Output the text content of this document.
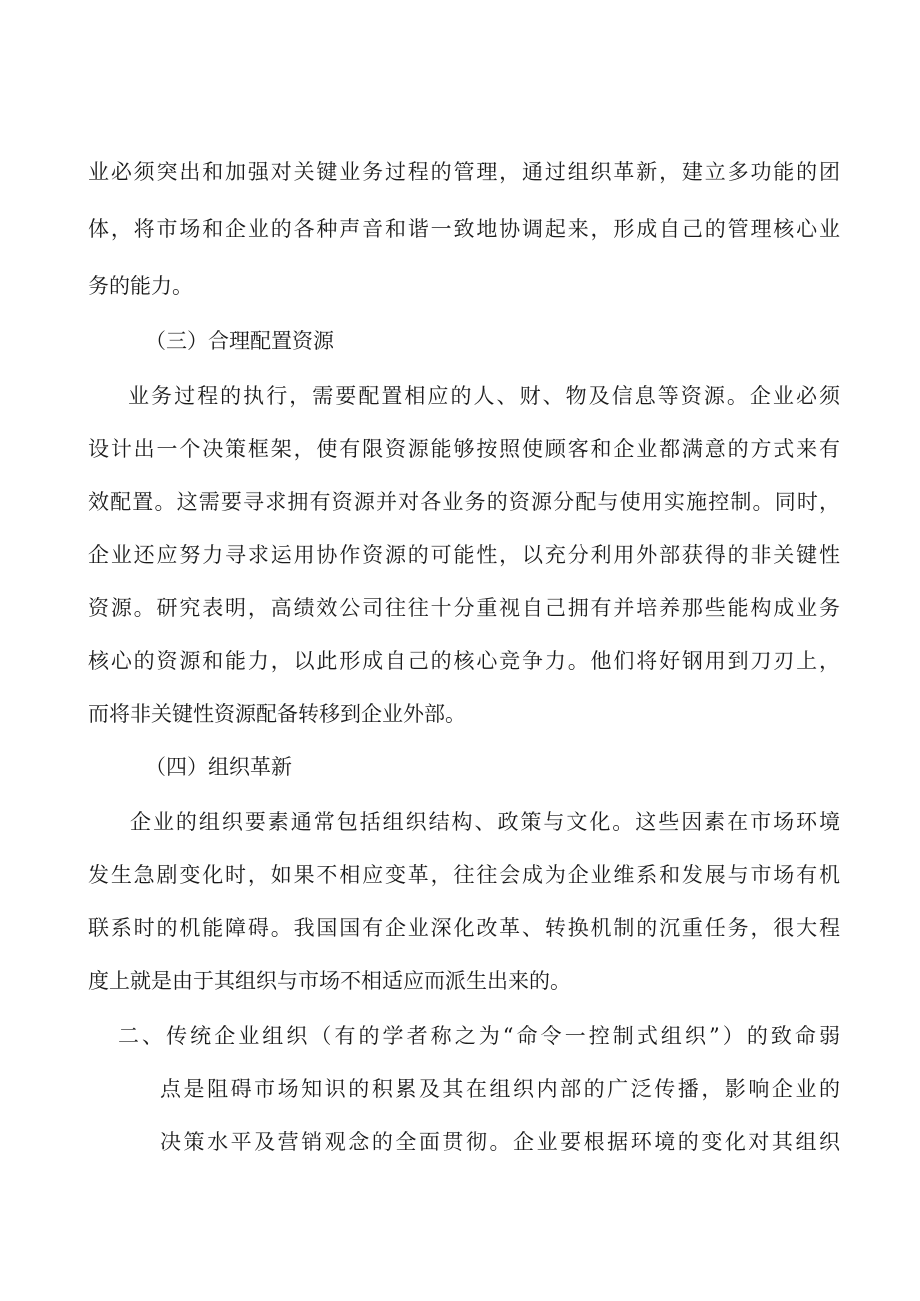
业必须突出和加强对关键业务过程的管理，通过组织革新，建立多功能的团
体，将市场和企业的各种声音和谐一致地协调起来，形成自己的管理核心业
务的能力。
（三）合理配置资源
业务过程的执行，需要配置相应的人、财、物及信息等资源。企业必须
设计出一个决策框架，使有限资源能够按照使顾客和企业都满意的方式来有
效配置。这需要寻求拥有资源并对各业务的资源分配与使用实施控制。同时，
企业还应努力寻求运用协作资源的可能性，以充分利用外部获得的非关键性
资源。研究表明，高绩效公司往往十分重视自己拥有并培养那些能构成业务
核心的资源和能力，以此形成自己的核心竞争力。他们将好钢用到刀刃上，
而将非关键性资源配备转移到企业外部。
（四）组织革新
企业的组织要素通常包括组织结构、政策与文化。这些因素在市场环境
发生急剧变化时，如果不相应变革，往往会成为企业维系和发展与市场有机
联系时的机能障碍。我国国有企业深化改革、转换机制的沉重任务，很大程
度上就是由于其组织与市场不相适应而派生出来的。
二、传统企业组织（有的学者称之为“命令一控制式组织”）的致命弱
点是阻碍市场知识的积累及其在组织内部的广泛传播，影响企业的
决策水平及营销观念的全面贯彻。企业要根据环境的变化对其组织
